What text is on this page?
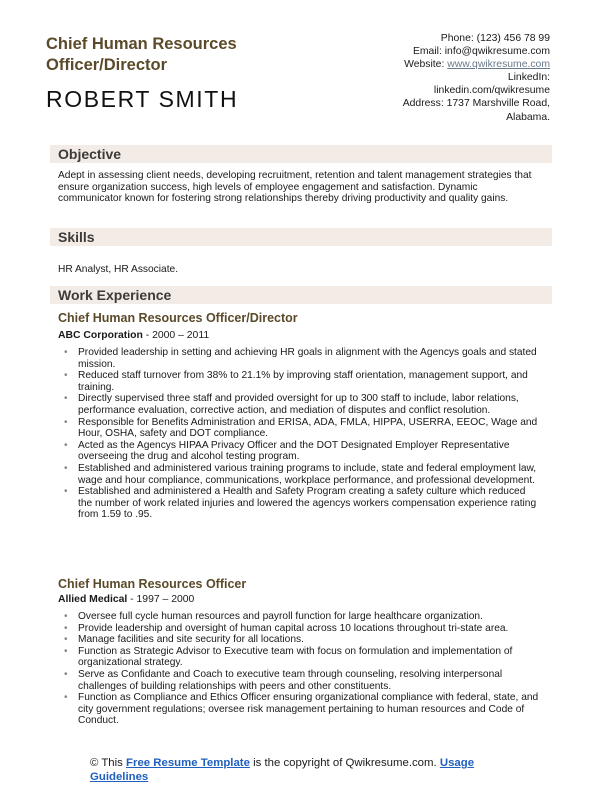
Chief Human Resources Officer/Director
ROBERT SMITH
Phone: (123) 456 78 99
Email: info@qwikresume.com
Website: www.qwikresume.com
LinkedIn:
linkedin.com/qwikresume
Address: 1737 Marshville Road,
Alabama.
Objective
Adept in assessing client needs, developing recruitment, retention and talent management strategies that ensure organization success, high levels of employee engagement and satisfaction. Dynamic communicator known for fostering strong relationships thereby driving productivity and quality gains.
Skills
HR Analyst, HR Associate.
Work Experience
Chief Human Resources Officer/Director
ABC Corporation - 2000 – 2011
• Provided leadership in setting and achieving HR goals in alignment with the Agencys goals and stated mission.
• Reduced staff turnover from 38% to 21.1% by improving staff orientation, management support, and training.
• Directly supervised three staff and provided oversight for up to 300 staff to include, labor relations, performance evaluation, corrective action, and mediation of disputes and conflict resolution.
• Responsible for Benefits Administration and ERISA, ADA, FMLA, HIPPA, USERRA, EEOC, Wage and Hour, OSHA, safety and DOT compliance.
• Acted as the Agencys HIPAA Privacy Officer and the DOT Designated Employer Representative overseeing the drug and alcohol testing program.
• Established and administered various training programs to include, state and federal employment law, wage and hour compliance, communications, workplace performance, and professional development.
• Established and administered a Health and Safety Program creating a safety culture which reduced the number of work related injuries and lowered the agencys workers compensation experience rating from 1.59 to .95.
Chief Human Resources Officer
Allied Medical - 1997 – 2000
• Oversee full cycle human resources and payroll function for large healthcare organization.
• Provide leadership and oversight of human capital across 10 locations throughout tri-state area.
• Manage facilities and site security for all locations.
• Function as Strategic Advisor to Executive team with focus on formulation and implementation of organizational strategy.
• Serve as Confidante and Coach to executive team through counseling, resolving interpersonal challenges of building relationships with peers and other constituents.
• Function as Compliance and Ethics Officer ensuring organizational compliance with federal, state, and city government regulations; oversee risk management pertaining to human resources and Code of Conduct.
© This Free Resume Template is the copyright of Qwikresume.com. Usage Guidelines
